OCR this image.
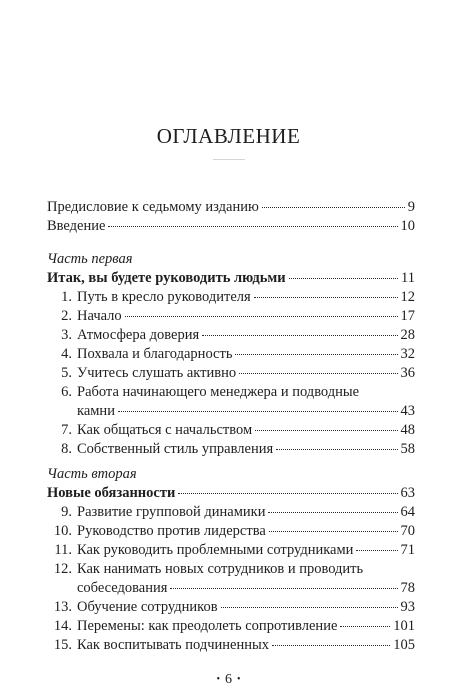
ОГЛАВЛЕНИЕ
Предисловие к седьмому изданию	9
Введение	10
Часть первая
Итак, вы будете руководить людьми	11
1. Путь в кресло руководителя	12
2. Начало	17
3. Атмосфера доверия	28
4. Похвала и благодарность	32
5. Учитесь слушать активно	36
6. Работа начинающего менеджера и подводные
камни	43
7. Как общаться с начальством	48
8. Собственный стиль управления	58
Часть вторая
Новые обязанности	63
9. Развитие групповой динамики	64
10. Руководство против лидерства	70
11. Как руководить проблемными сотрудниками	71
12. Как нанимать новых сотрудников и проводить
собеседования	78
13. Обучение сотрудников	93
14. Перемены: как преодолеть сопротивление	101
15. Как воспитывать подчиненных	105
• 6 •
